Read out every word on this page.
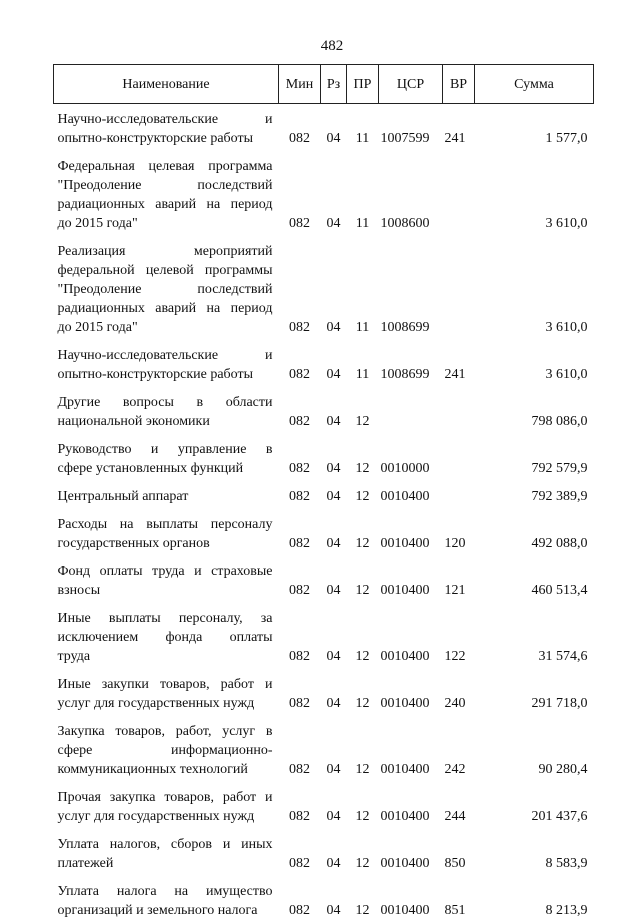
482
Наименование	Мин	Рз	ПР	ЦСР	ВР	Сумма

Научно-исследовательские и
опытно-конструкторские работы	082	04	11	1007599	241	1 577,0

Федеральная целевая программа
"Преодоление последствий
радиационных аварий на период
до 2015 года"	082	04	11	1008600		3 610,0

Реализация мероприятий
федеральной целевой программы
"Преодоление последствий
радиационных аварий на период
до 2015 года"	082	04	11	1008699		3 610,0

Научно-исследовательские и
опытно-конструкторские работы	082	04	11	1008699	241	3 610,0

Другие вопросы в области
национальной экономики	082	04	12			798 086,0

Руководство и управление в
сфере установленных функций	082	04	12	0010000		792 579,9

Центральный аппарат	082	04	12	0010400		792 389,9

Расходы на выплаты персоналу
государственных органов	082	04	12	0010400	120	492 088,0

Фонд оплаты труда и страховые
взносы	082	04	12	0010400	121	460 513,4

Иные выплаты персоналу, за
исключением фонда оплаты
труда	082	04	12	0010400	122	31 574,6

Иные закупки товаров, работ и
услуг для государственных нужд	082	04	12	0010400	240	291 718,0

Закупка товаров, работ, услуг в
сфере информационно-
коммуникационных технологий	082	04	12	0010400	242	90 280,4

Прочая закупка товаров, работ и
услуг для государственных нужд	082	04	12	0010400	244	201 437,6

Уплата налогов, сборов и иных
платежей	082	04	12	0010400	850	8 583,9

Уплата налога на имущество
организаций и земельного налога	082	04	12	0010400	851	8 213,9
